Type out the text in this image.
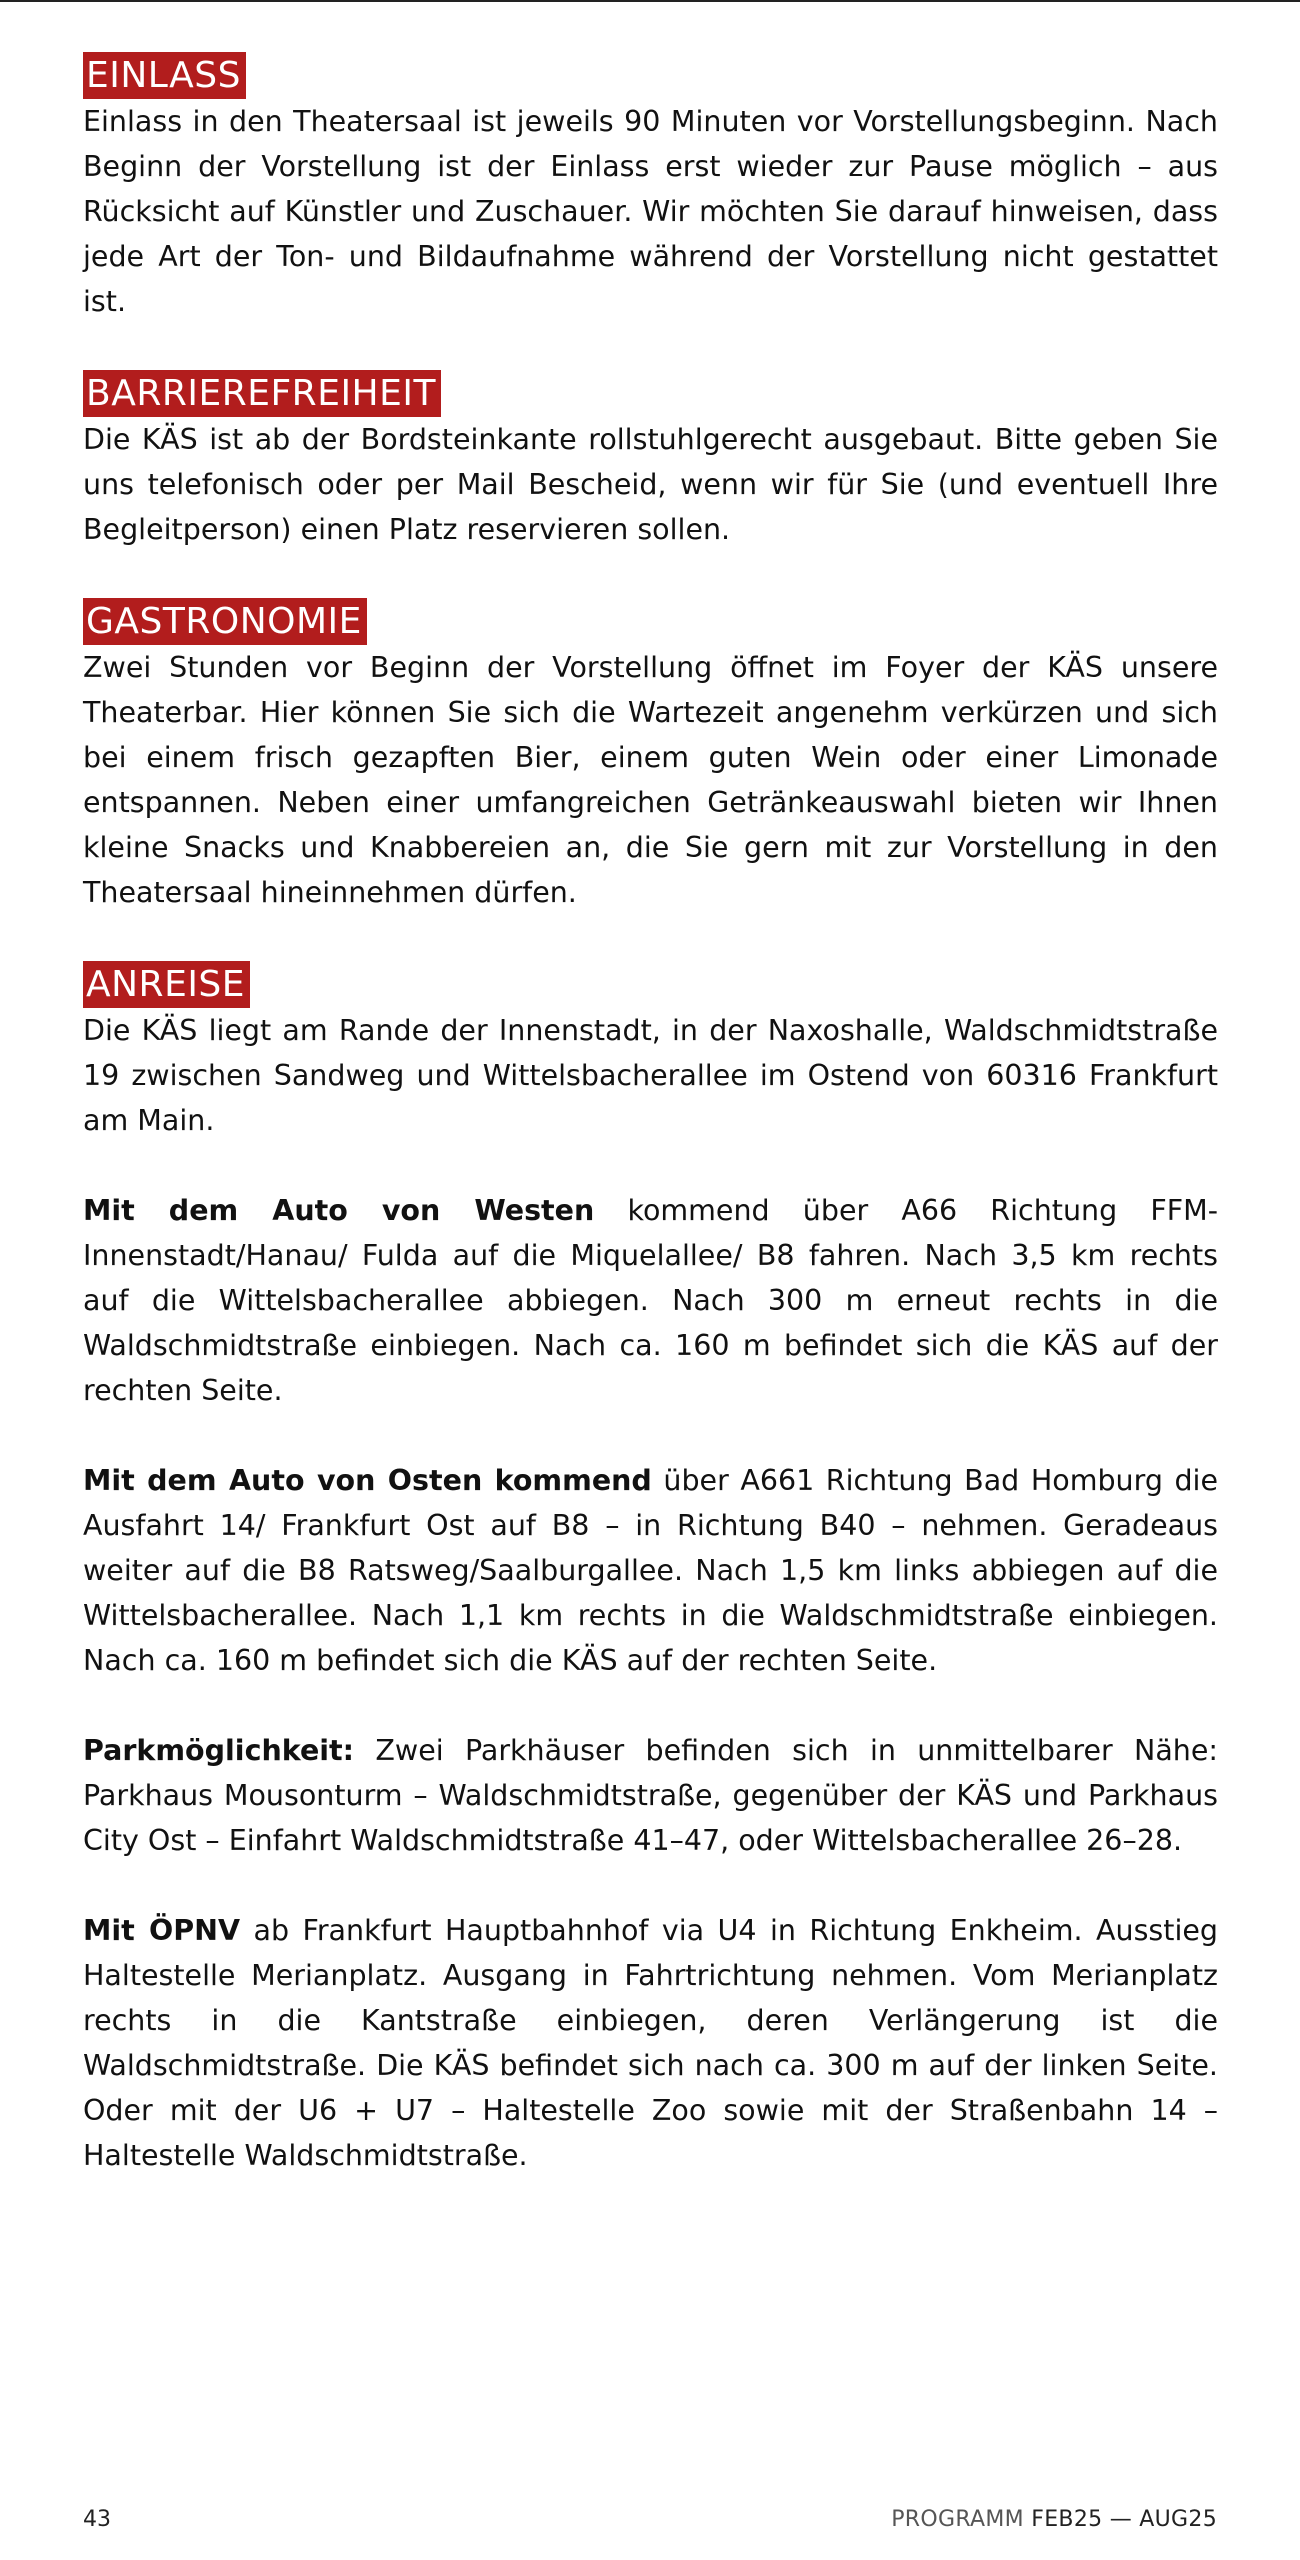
EINLASS

Einlass in den Theatersaal ist jeweils 90 Minuten vor Vorstellungsbeginn. Nach Beginn der Vorstellung ist der Einlass erst wieder zur Pause möglich – aus Rücksicht auf Künstler und Zuschauer. Wir möchten Sie darauf hinweisen, dass jede Art der Ton- und Bildaufnahme während der Vorstellung nicht gestattet ist.

BARRIEREFREIHEIT

Die KÄS ist ab der Bordsteinkante rollstuhlgerecht ausgebaut. Bitte geben Sie uns telefonisch oder per Mail Bescheid, wenn wir für Sie (und eventuell Ihre Begleitperson) einen Platz reservieren sollen.

GASTRONOMIE

Zwei Stunden vor Beginn der Vorstellung öffnet im Foyer der KÄS unsere Theaterbar. Hier können Sie sich die Wartezeit angenehm verkürzen und sich bei einem frisch gezapften Bier, einem guten Wein oder einer Limonade entspannen. Neben einer umfangreichen Getränkeauswahl bieten wir Ihnen kleine Snacks und Knabbereien an, die Sie gern mit zur Vorstellung in den Theatersaal hineinnehmen dürfen.

ANREISE

Die KÄS liegt am Rande der Innenstadt, in der Naxoshalle, Waldschmidtstraße 19 zwischen Sandweg und Wittelsbacherallee im Ostend von 60316 Frankfurt am Main.

Mit dem Auto von Westen kommend über A66 Richtung FFM-Innenstadt/Hanau/ Fulda auf die Miquelallee/ B8 fahren. Nach 3,5 km rechts auf die Wittelsbacherallee abbiegen. Nach 300 m erneut rechts in die Waldschmidtstraße einbiegen. Nach ca. 160 m befindet sich die KÄS auf der rechten Seite.

Mit dem Auto von Osten kommend über A661 Richtung Bad Homburg die Ausfahrt 14/ Frankfurt Ost auf B8 – in Richtung B40 – nehmen. Geradeaus weiter auf die B8 Ratsweg/Saalburgallee. Nach 1,5 km links abbiegen auf die Wittelsbacherallee. Nach 1,1 km rechts in die Waldschmidtstraße einbiegen. Nach ca. 160 m befindet sich die KÄS auf der rechten Seite.

Parkmöglichkeit: Zwei Parkhäuser befinden sich in unmittelbarer Nähe: Parkhaus Mousonturm – Waldschmidtstraße, gegenüber der KÄS und Parkhaus City Ost – Einfahrt Waldschmidtstraße 41–47, oder Wittelsbacherallee 26–28.

Mit ÖPNV ab Frankfurt Hauptbahnhof via U4 in Richtung Enkheim. Ausstieg Haltestelle Merianplatz. Ausgang in Fahrtrichtung nehmen. Vom Merianplatz rechts in die Kantstraße einbiegen, deren Verlängerung ist die Waldschmidtstraße. Die KÄS befindet sich nach ca. 300 m auf der linken Seite. Oder mit der U6 + U7 – Haltestelle Zoo sowie mit der Straßenbahn 14 – Haltestelle Waldschmidtstraße.

43	PROGRAMM FEB25 — AUG25
